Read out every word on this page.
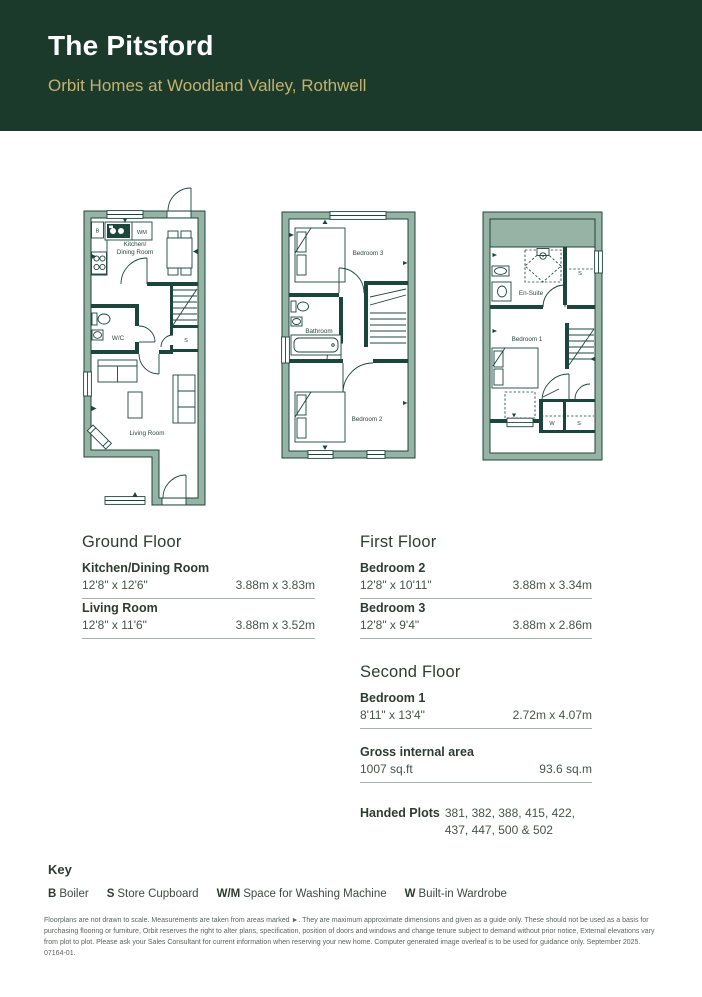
The Pitsford
Orbit Homes at Woodland Valley, Rothwell
B	WM
Kitchen/
Dining Room
W/C	S
Living Room
Bedroom 3
Bathroom
Bedroom 2
En-Suite
S
Bedroom 1
W	S
Ground Floor
Kitchen/Dining Room
12'8" x 12'6"	3.88m x 3.83m
Living Room
12'8" x 11'6"	3.88m x 3.52m
First Floor
Bedroom 2
12'8" x 10'11"	3.88m x 3.34m
Bedroom 3
12'8" x 9'4"	3.88m x 2.86m
Second Floor
Bedroom 1
8'11" x 13'4"	2.72m x 4.07m
Gross internal area
1007 sq.ft	93.6 sq.m
Handed Plots 381, 382, 388, 415, 422, 437, 447, 500 & 502
Key
B Boiler S Store Cupboard W/M Space for Washing Machine W Built-in Wardrobe
Floorplans are not drawn to scale. Measurements are taken from areas marked ►. They are maximum approximate dimensions and given as a guide only. These should not be used as a basis for purchasing flooring or furniture, Orbit reserves the right to alter plans, specification, position of doors and windows and change tenure subject to demand without prior notice, External elevations vary from plot to plot. Please ask your Sales Consultant for current information when reserving your new home. Computer generated image overleaf is to be used for guidance only. September 2025. 07164-01.
